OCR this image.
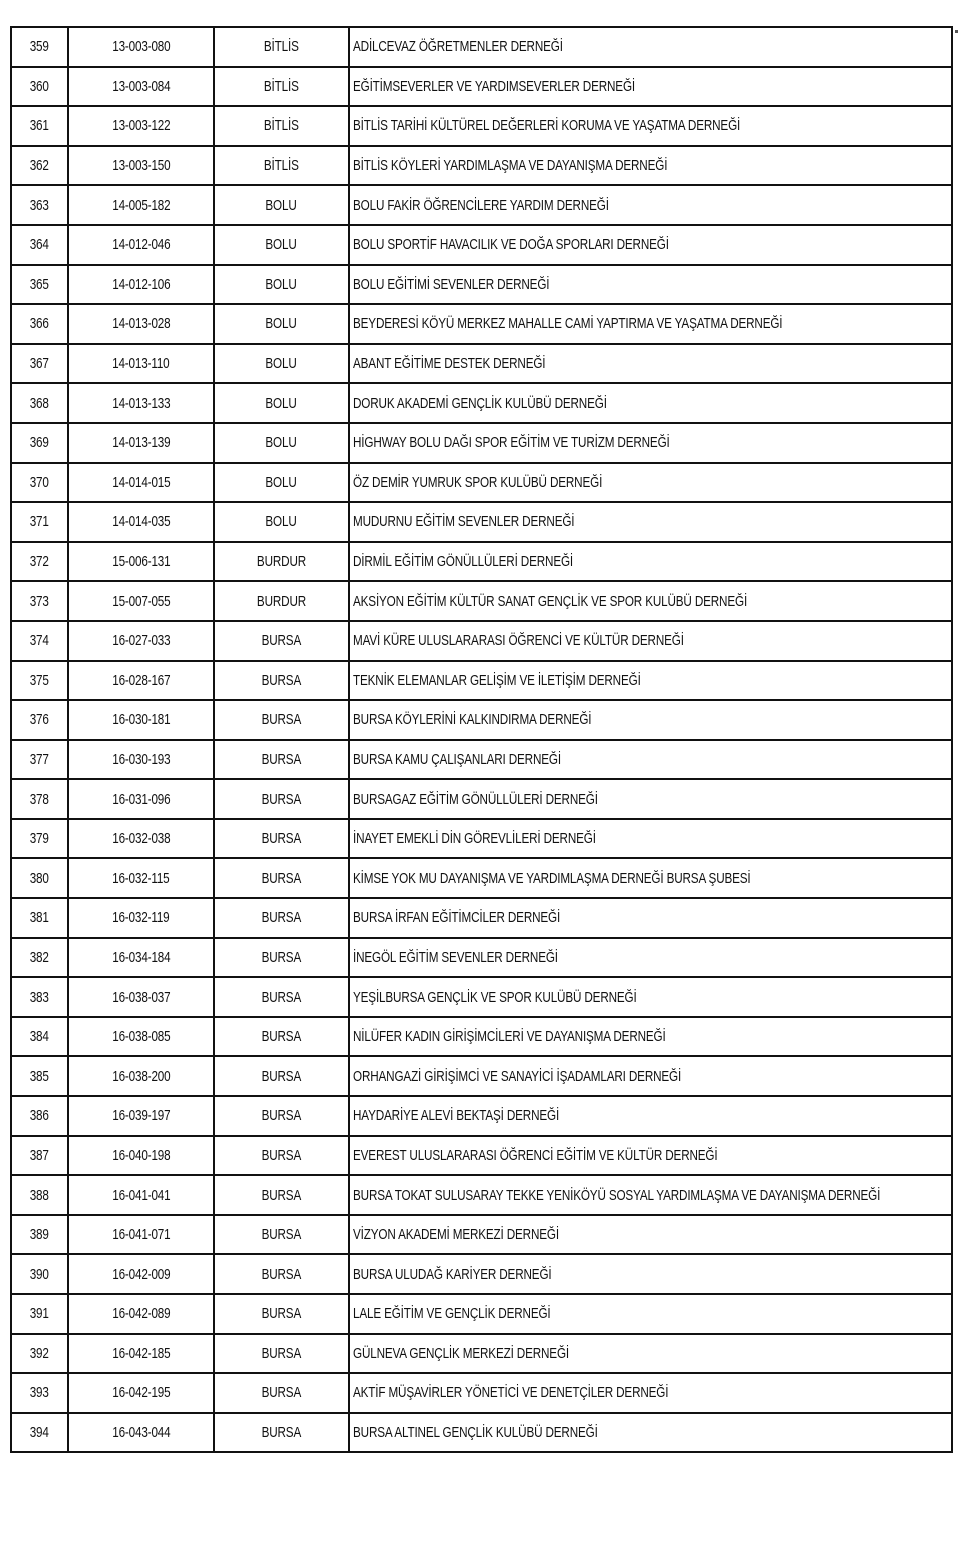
359	13-003-080	BİTLİS	ADİLCEVAZ ÖĞRETMENLER DERNEĞİ
360	13-003-084	BİTLİS	EĞİTİMSEVERLER VE YARDIMSEVERLER DERNEĞİ
361	13-003-122	BİTLİS	BİTLİS TARİHİ KÜLTÜREL DEĞERLERİ KORUMA VE YAŞATMA DERNEĞİ
362	13-003-150	BİTLİS	BİTLİS KÖYLERİ YARDIMLAŞMA VE DAYANIŞMA DERNEĞİ
363	14-005-182	BOLU	BOLU FAKİR ÖĞRENCİLERE YARDIM DERNEĞİ
364	14-012-046	BOLU	BOLU SPORTİF HAVACILIK VE DOĞA SPORLARI DERNEĞİ
365	14-012-106	BOLU	BOLU EĞİTİMİ SEVENLER DERNEĞİ
366	14-013-028	BOLU	BEYDERESİ KÖYÜ MERKEZ MAHALLE CAMİ YAPTIRMA VE YAŞATMA DERNEĞİ
367	14-013-110	BOLU	ABANT EĞİTİME DESTEK DERNEĞİ
368	14-013-133	BOLU	DORUK AKADEMİ GENÇLİK KULÜBÜ DERNEĞİ
369	14-013-139	BOLU	HİGHWAY BOLU DAĞI SPOR EĞİTİM VE TURİZM DERNEĞİ
370	14-014-015	BOLU	ÖZ DEMİR YUMRUK SPOR KULÜBÜ DERNEĞİ
371	14-014-035	BOLU	MUDURNU EĞİTİM SEVENLER DERNEĞİ
372	15-006-131	BURDUR	DİRMİL EĞİTİM GÖNÜLLÜLERİ DERNEĞİ
373	15-007-055	BURDUR	AKSİYON EĞİTİM KÜLTÜR SANAT GENÇLİK VE SPOR KULÜBÜ DERNEĞİ
374	16-027-033	BURSA	MAVİ KÜRE ULUSLARARASI ÖĞRENCİ VE KÜLTÜR DERNEĞİ
375	16-028-167	BURSA	TEKNİK ELEMANLAR GELİŞİM VE İLETİŞİM DERNEĞİ
376	16-030-181	BURSA	BURSA KÖYLERİNİ KALKINDIRMA DERNEĞİ
377	16-030-193	BURSA	BURSA KAMU ÇALIŞANLARI DERNEĞİ
378	16-031-096	BURSA	BURSAGAZ EĞİTİM GÖNÜLLÜLERİ DERNEĞİ
379	16-032-038	BURSA	İNAYET EMEKLİ DİN GÖREVLİLERİ DERNEĞİ
380	16-032-115	BURSA	KİMSE YOK MU DAYANIŞMA VE YARDIMLAŞMA DERNEĞİ BURSA ŞUBESİ
381	16-032-119	BURSA	BURSA İRFAN EĞİTİMCİLER DERNEĞİ
382	16-034-184	BURSA	İNEGÖL EĞİTİM SEVENLER DERNEĞİ
383	16-038-037	BURSA	YEŞİLBURSA GENÇLİK VE SPOR KULÜBÜ DERNEĞİ
384	16-038-085	BURSA	NİLÜFER KADIN GİRİŞİMCİLERİ VE DAYANIŞMA DERNEĞİ
385	16-038-200	BURSA	ORHANGAZİ GİRİŞİMCİ VE SANAYİCİ İŞADAMLARI DERNEĞİ
386	16-039-197	BURSA	HAYDARİYE ALEVİ BEKTAŞİ DERNEĞİ
387	16-040-198	BURSA	EVEREST ULUSLARARASI ÖĞRENCİ EĞİTİM VE KÜLTÜR DERNEĞİ
388	16-041-041	BURSA	BURSA TOKAT SULUSARAY TEKKE YENİKÖYÜ SOSYAL YARDIMLAŞMA VE DAYANIŞMA DERNEĞİ
389	16-041-071	BURSA	VİZYON AKADEMİ MERKEZİ DERNEĞİ
390	16-042-009	BURSA	BURSA ULUDAĞ KARİYER DERNEĞİ
391	16-042-089	BURSA	LALE EĞİTİM VE GENÇLİK DERNEĞİ
392	16-042-185	BURSA	GÜLNEVA GENÇLİK MERKEZİ DERNEĞİ
393	16-042-195	BURSA	AKTİF MÜŞAVİRLER YÖNETİCİ VE DENETÇİLER DERNEĞİ
394	16-043-044	BURSA	BURSA ALTINEL GENÇLİK KULÜBÜ DERNEĞİ
